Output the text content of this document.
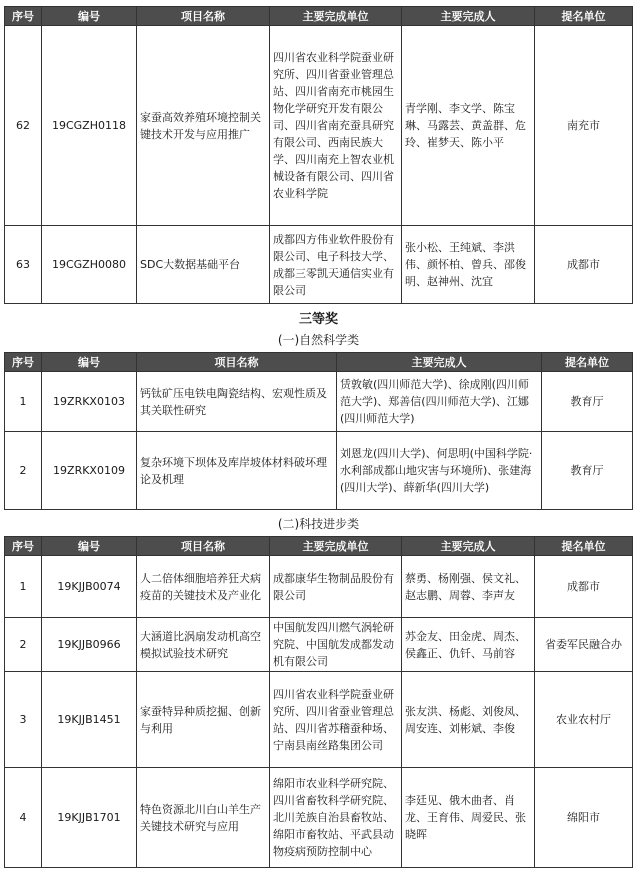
序号	编号	项目名称	主要完成单位	主要完成人	提名单位
62	19CGZH0118	家蚕高效养殖环境控制关键技术开发与应用推广	四川省农业科学院蚕业研究所、四川省蚕业管理总站、四川省南充市桃园生物化学研究开发有限公司、四川省南充蚕具研究有限公司、西南民族大学、四川南充上智农业机械设备有限公司、四川省农业科学院	青学刚、李文学、陈宝琳、马露芸、黄盖群、危玲、崔梦天、陈小平	南充市
63	19CGZH0080	SDC大数据基础平台	成都四方伟业软件股份有限公司、电子科技大学、成都三零凯天通信实业有限公司	张小松、王纯斌、李洪伟、颜怀柏、曾兵、邵俊明、赵神州、沈宜	成都市
三等奖
(一)自然科学类
序号	编号	项目名称	主要完成人	提名单位
1	19ZRKX0103	钙钛矿压电铁电陶瓷结构、宏观性质及其关联性研究	赁敦敏(四川师范大学)、徐成刚(四川师范大学)、郑善信(四川师范大学)、江娜(四川师范大学)	教育厅
2	19ZRKX0109	复杂环境下坝体及库岸坡体材料破坏理论及机理	刘恩龙(四川大学)、何思明(中国科学院·水利部成都山地灾害与环境所)、张建海(四川大学)、薛新华(四川大学)	教育厅
(二)科技进步类
序号	编号	项目名称	主要完成单位	主要完成人	提名单位
1	19KJJB0074	人二倍体细胞培养狂犬病疫苗的关键技术及产业化	成都康华生物制品股份有限公司	蔡勇、杨刚强、侯文礼、赵志鹏、周蓉、李声友	成都市
2	19KJJB0966	大涵道比涡扇发动机高空模拟试验技术研究	中国航发四川燃气涡轮研究院、中国航发成都发动机有限公司	苏金友、田金虎、周杰、侯鑫正、仇钎、马前容	省委军民融合办
3	19KJJB1451	家蚕特异种质挖掘、创新与利用	四川省农业科学院蚕业研究所、四川省蚕业管理总站、四川省苏稽蚕种场、宁南县南丝路集团公司	张友洪、杨彪、刘俊凤、周安连、刘彬斌、李俊	农业农村厅
4	19KJJB1701	特色资源北川白山羊生产关键技术研究与应用	绵阳市农业科学研究院、四川省畜牧科学研究院、北川羌族自治县畜牧站、绵阳市畜牧站、平武县动物疫病预防控制中心	李廷见、俄木曲者、肖龙、王育伟、周爱民、张晓晖	绵阳市
